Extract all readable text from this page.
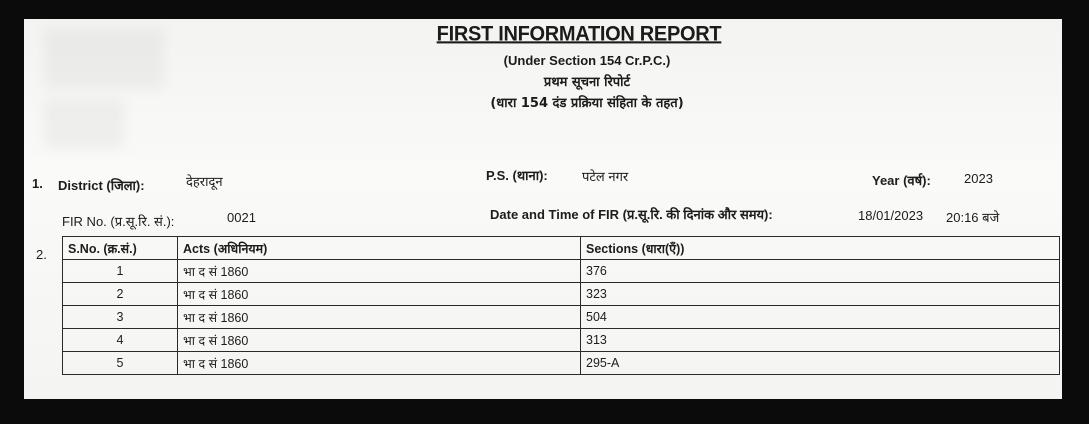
FIRST INFORMATION REPORT
(Under Section 154 Cr.P.C.)
प्रथम सूचना रिपोर्ट
(धारा 154 दंड प्रक्रिया संहिता के तहत)
1. District (जिला):	देहरादून	P.S. (थाना):	पटेल नगर	Year (वर्ष):	2023
FIR No. (प्र.सू.रि. सं.):	0021	Date and Time of FIR (प्र.सू.रि. की दिनांक और समय):	18/01/2023 20:16 बजे
2. S.No. (क्र.सं.)	Acts (अधिनियम)	Sections (धारा(एँ))
1	भा द सं 1860	376
2	भा द सं 1860	323
3	भा द सं 1860	504
4	भा द सं 1860	313
5	भा द सं 1860	295-A
